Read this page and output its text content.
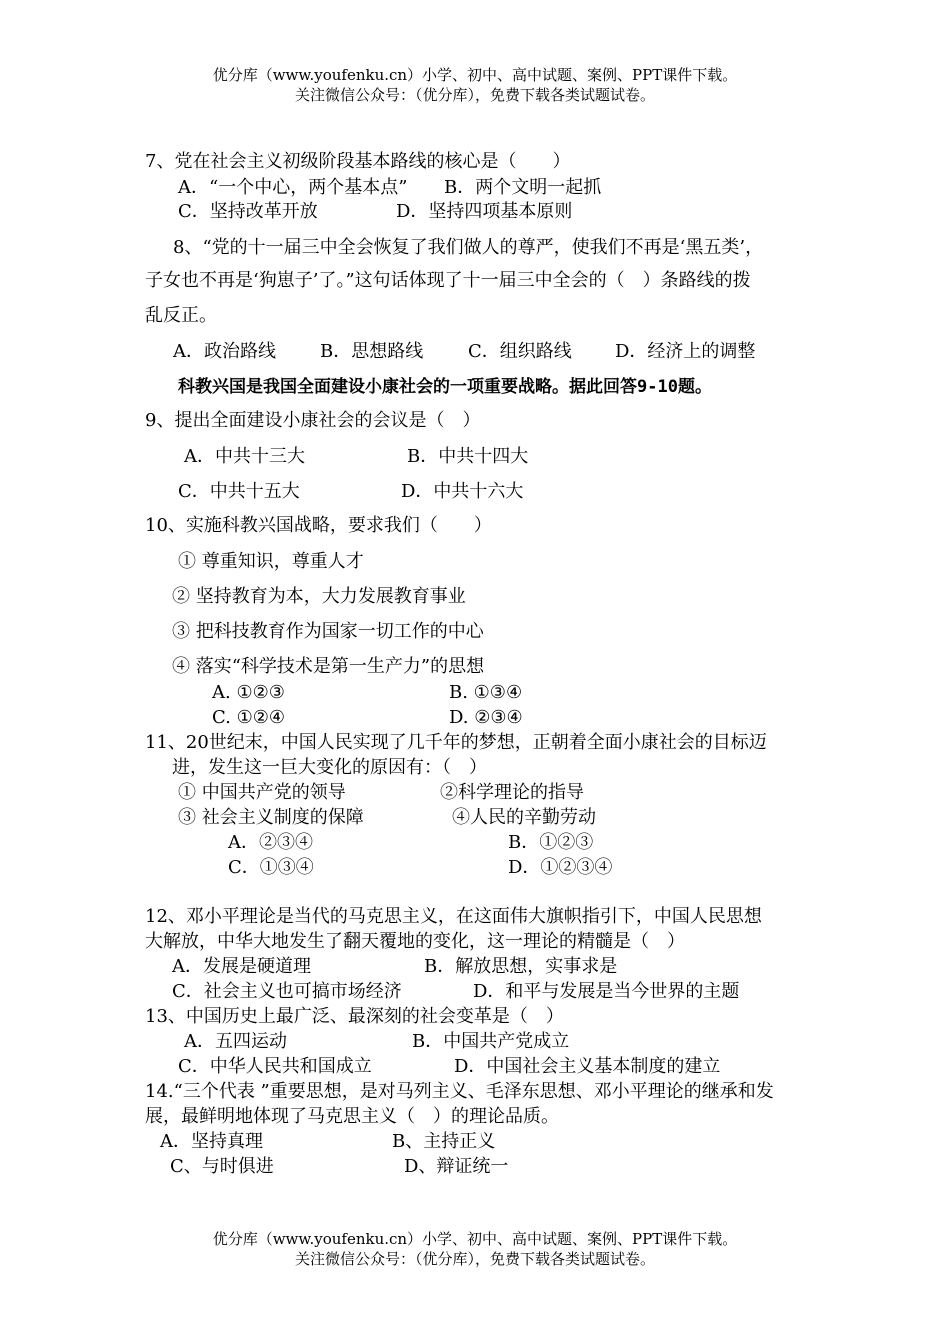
优分库（www.youfenku.cn）小学、初中、高中试题、案例、PPT课件下载。
关注微信公众号：（优分库），免费下载各类试题试卷。
7、党在社会主义初级阶段基本路线的核心是（　　）
A．“一个中心，两个基本点” B．两个文明一起抓
C．坚持改革开放	D．坚持四项基本原则
8、“党的十一届三中全会恢复了我们做人的尊严，使我们不再是‘黑五类’，
子女也不再是‘狗崽子’了。”这句话体现了十一届三中全会的（　）条路线的拨
乱反正。
A．政治路线 B．思想路线 C．组织路线 D．经济上的调整
科教兴国是我国全面建设小康社会的一项重要战略。据此回答9-10题。
9、提出全面建设小康社会的会议是（　）
A．中共十三大	B．中共十四大
C．中共十五大	D．中共十六大
10、实施科教兴国战略，要求我们（　　）
① 尊重知识，尊重人才
② 坚持教育为本，大力发展教育事业
③ 把科技教育作为国家一切工作的中心
④ 落实“科学技术是第一生产力”的思想
A. ①②③	B. ①③④
C. ①②④	D. ②③④
11、20世纪末，中国人民实现了几千年的梦想，正朝着全面小康社会的目标迈
进，发生这一巨大变化的原因有：（　）
① 中国共产党的领导	②科学理论的指导
③ 社会主义制度的保障	④人民的辛勤劳动
A．②③④	B．①②③
C．①③④	D．①②③④
12、邓小平理论是当代的马克思主义，在这面伟大旗帜指引下，中国人民思想
大解放，中华大地发生了翻天覆地的变化，这一理论的精髓是（　）
A．发展是硬道理	B．解放思想，实事求是
C．社会主义也可搞市场经济	D．和平与发展是当今世界的主题
13、中国历史上最广泛、最深刻的社会变革是（　）
A．五四运动	B．中国共产党成立
C．中华人民共和国成立	D．中国社会主义基本制度的建立
14.“三个代表 ”重要思想，是对马列主义、毛泽东思想、邓小平理论的继承和发
展，最鲜明地体现了马克思主义（　）的理论品质。
A．坚持真理	B、主持正义
C、与时俱进	D、辩证统一
优分库（www.youfenku.cn）小学、初中、高中试题、案例、PPT课件下载。
关注微信公众号：（优分库），免费下载各类试题试卷。
